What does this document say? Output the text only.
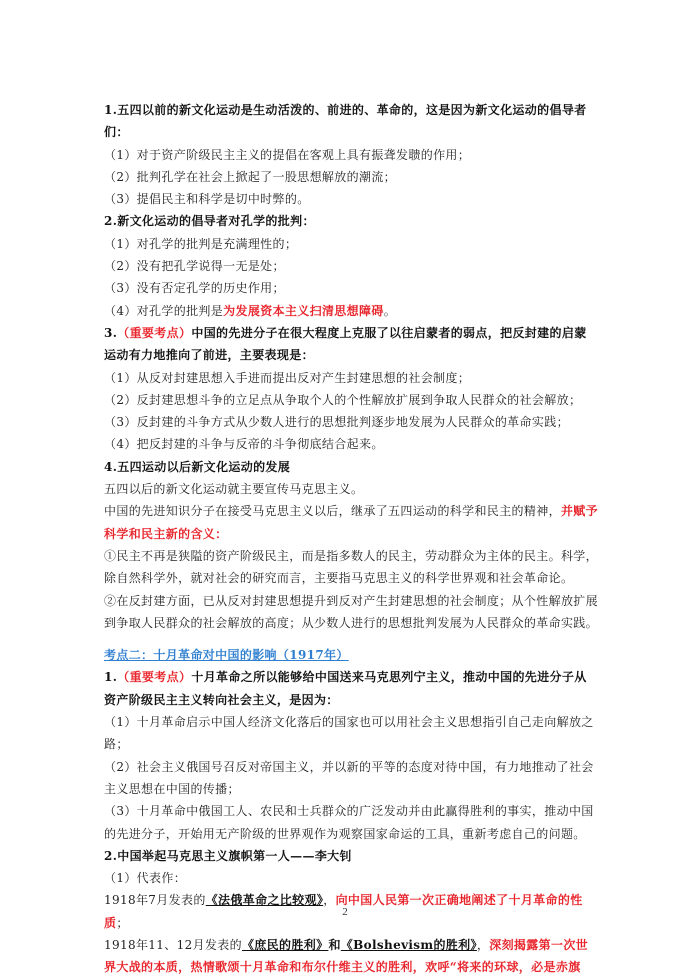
1.五四以前的新文化运动是生动活泼的、前进的、革命的，这是因为新文化运动的倡导者
们：
（1）对于资产阶级民主主义的提倡在客观上具有振聋发聩的作用；
（2）批判孔学在社会上掀起了一股思想解放的潮流；
（3）提倡民主和科学是切中时弊的。
2.新文化运动的倡导者对孔学的批判：
（1）对孔学的批判是充满理性的；
（2）没有把孔学说得一无是处；
（3）没有否定孔学的历史作用；
（4）对孔学的批判是为发展资本主义扫清思想障碍。
3.（重要考点）中国的先进分子在很大程度上克服了以往启蒙者的弱点，把反封建的启蒙
运动有力地推向了前进，主要表现是：
（1）从反对封建思想入手进而提出反对产生封建思想的社会制度；
（2）反封建思想斗争的立足点从争取个人的个性解放扩展到争取人民群众的社会解放；
（3）反封建的斗争方式从少数人进行的思想批判逐步地发展为人民群众的革命实践；
（4）把反封建的斗争与反帝的斗争彻底结合起来。
4.五四运动以后新文化运动的发展
五四以后的新文化运动就主要宣传马克思主义。
中国的先进知识分子在接受马克思主义以后，继承了五四运动的科学和民主的精神，并赋予
科学和民主新的含义：
①民主不再是狭隘的资产阶级民主，而是指多数人的民主，劳动群众为主体的民主。科学，
除自然科学外，就对社会的研究而言，主要指马克思主义的科学世界观和社会革命论。
②在反封建方面，已从反对封建思想提升到反对产生封建思想的社会制度；从个性解放扩展
到争取人民群众的社会解放的高度；从少数人进行的思想批判发展为人民群众的革命实践。
考点二：十月革命对中国的影响（1917年）
1.（重要考点）十月革命之所以能够给中国送来马克思列宁主义，推动中国的先进分子从
资产阶级民主主义转向社会主义，是因为：
（1）十月革命启示中国人经济文化落后的国家也可以用社会主义思想指引自己走向解放之
路；
（2）社会主义俄国号召反对帝国主义，并以新的平等的态度对待中国，有力地推动了社会
主义思想在中国的传播；
（3）十月革命中俄国工人、农民和士兵群众的广泛发动并由此赢得胜利的事实，推动中国
的先进分子，开始用无产阶级的世界观作为观察国家命运的工具，重新考虑自己的问题。
2.中国举起马克思主义旗帜第一人——李大钊
（1）代表作：
1918年7月发表的《法俄革命之比较观》，向中国人民第一次正确地阐述了十月革命的性
质；
1918年11、12月发表的《庶民的胜利》和《Bolshevism的胜利》，深刻揭露第一次世
界大战的本质，热情歌颂十月革命和布尔什维主义的胜利，欢呼“将来的环球，必是赤旗
2
